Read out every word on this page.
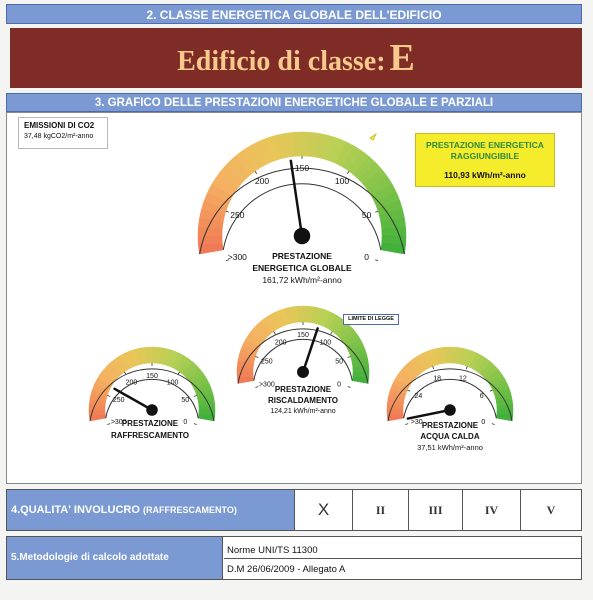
2. CLASSE ENERGETICA GLOBALE DELL'EDIFICIO
Edificio di classe: E
3. GRAFICO DELLE PRESTAZIONI ENERGETICHE GLOBALE E PARZIALI
EMISSIONI DI CO2
37,48 kgCO2/m²-anno
PRESTAZIONE ENERGETICA
RAGGIUNGIBILE
110,93 kWh/m²-anno
>300
250
200
150
100
50
0
>300
250
200
150
100
50
0
>300
250
200
150
100
50
0
>30
24
18	12
6
0
LIMITE DI LEGGE
PRESTAZIONE
ENERGETICA GLOBALE
161,72 kWh/m²-anno
PRESTAZIONE
RAFFRESCAMENTO
PRESTAZIONE
RISCALDAMENTO
124,21 kWh/m²-anno
PRESTAZIONE
ACQUA CALDA
37,51 kWh/m²-anno
4.QUALITA' INVOLUCRO (RAFFRESCAMENTO)	X	II	III	IV	V
5.Metodologie di calcolo adottate
Norme UNI/TS 11300
D.M 26/06/2009 - Allegato A
